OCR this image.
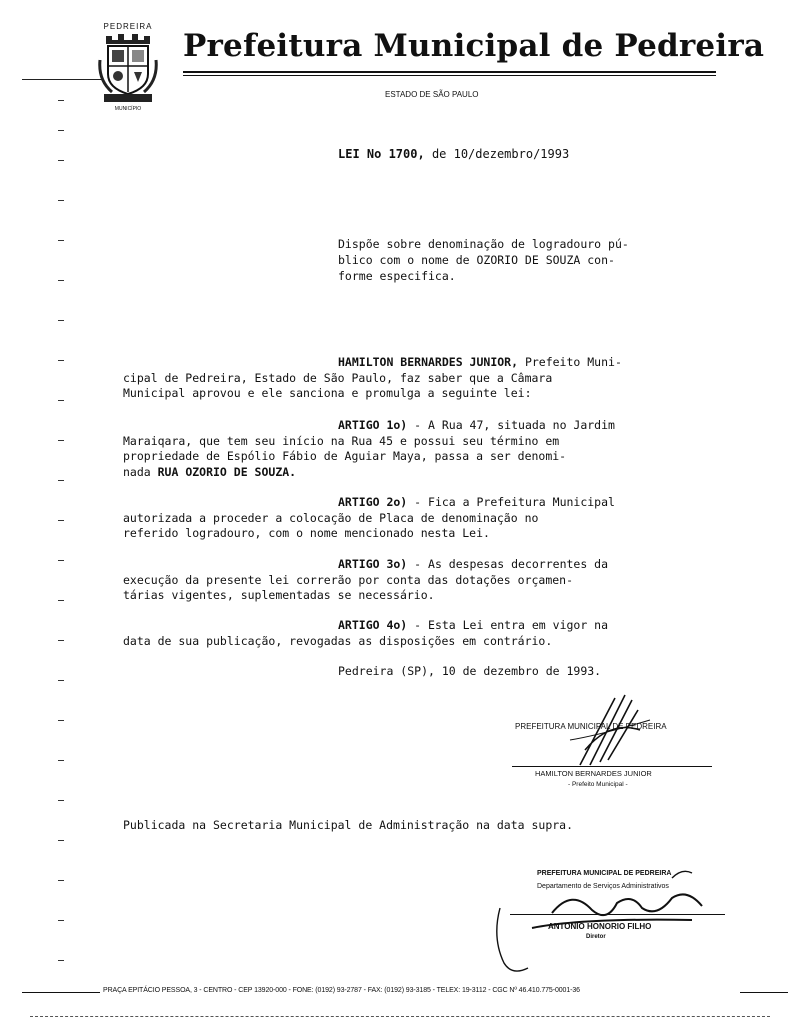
PEDREIRA
MUNICÍPIO
Prefeitura Municipal de Pedreira
ESTADO DE SÃO PAULO
LEI No 1700, de 10/dezembro/1993
Dispõe sobre denominação de logradouro pú-
blico com o nome de OZORIO DE SOUZA con-
forme especifica.
HAMILTON BERNARDES JUNIOR, Prefeito Muni-
cipal de Pedreira, Estado de São Paulo, faz saber que a Câmara
Municipal aprovou e ele sanciona e promulga a seguinte lei:
ARTIGO 1o) - A Rua 47, situada no Jardim
Maraiqara, que tem seu início na Rua 45 e possui seu término em
propriedade de Espólio Fábio de Aguiar Maya, passa a ser denomi-
nada RUA OZORIO DE SOUZA.
ARTIGO 2o) - Fica a Prefeitura Municipal
autorizada a proceder a colocação de Placa de denominação no
referido logradouro, com o nome mencionado nesta Lei.
ARTIGO 3o) - As despesas decorrentes da
execução da presente lei correrão por conta das dotações orçamen-
tárias vigentes, suplementadas se necessário.
ARTIGO 4o) - Esta Lei entra em vigor na
data de sua publicação, revogadas as disposições em contrário.
Pedreira (SP), 10 de dezembro de 1993.
PREFEITURA MUNICIPAL DE PEDREIRA
HAMILTON BERNARDES JUNIOR
- Prefeito Municipal -
Publicada na Secretaria Municipal de Administração na data supra.
PREFEITURA MUNICIPAL DE PEDREIRA
Departamento de Serviços Administrativos
ANTONIO HONORIO FILHO
Diretor
PRAÇA EPITÁCIO PESSOA, 3 - CENTRO - CEP 13920-000 - FONE: (0192) 93-2787 - FAX: (0192) 93-3185 - TELEX: 19-3112 - CGC Nº 46.410.775-0001-36
